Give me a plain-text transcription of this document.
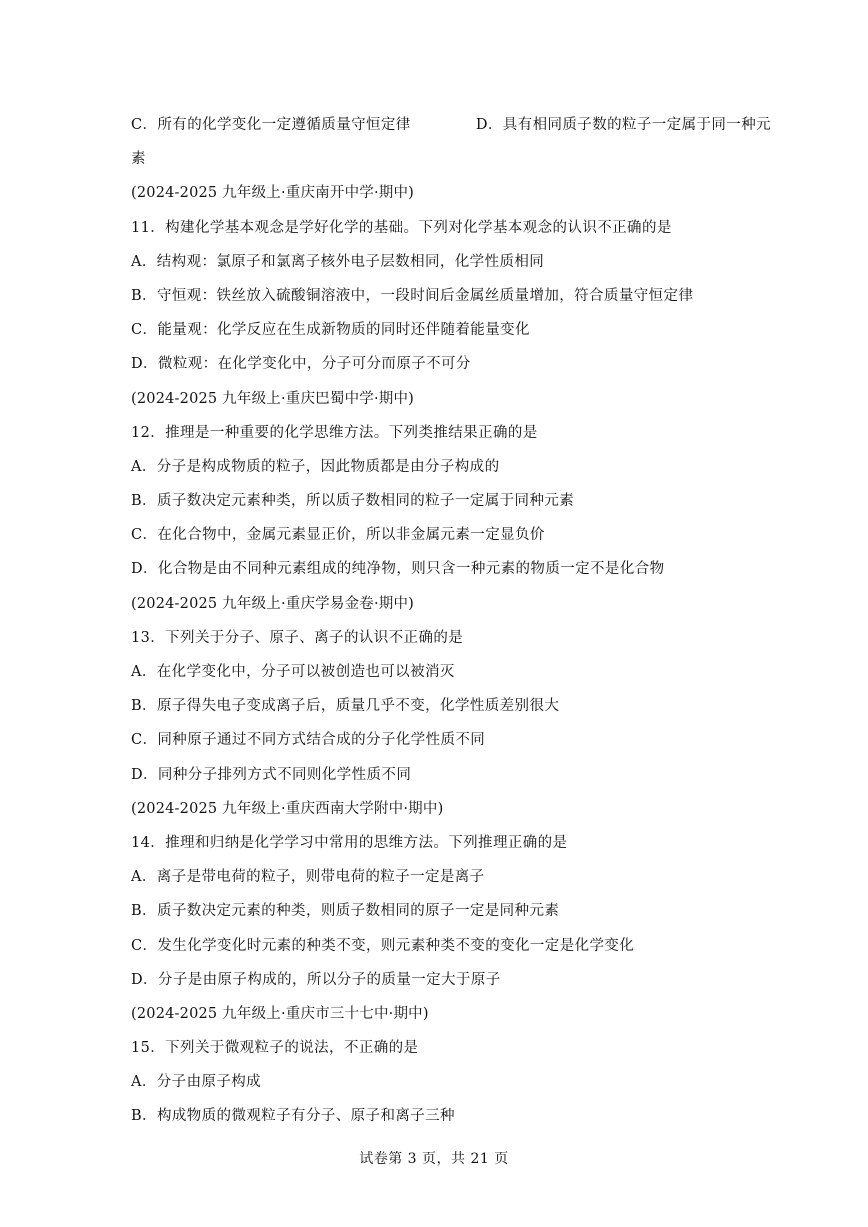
C．所有的化学变化一定遵循质量守恒定律	D．具有相同质子数的粒子一定属于同一种元
素
(2024-2025 九年级上·重庆南开中学·期中)
11．构建化学基本观念是学好化学的基础。下列对化学基本观念的认识不正确的是
A．结构观：氯原子和氯离子核外电子层数相同，化学性质相同
B．守恒观：铁丝放入硫酸铜溶液中，一段时间后金属丝质量增加，符合质量守恒定律
C．能量观：化学反应在生成新物质的同时还伴随着能量变化
D．微粒观：在化学变化中，分子可分而原子不可分
(2024-2025 九年级上·重庆巴蜀中学·期中)
12．推理是一种重要的化学思维方法。下列类推结果正确的是
A．分子是构成物质的粒子，因此物质都是由分子构成的
B．质子数决定元素种类，所以质子数相同的粒子一定属于同种元素
C．在化合物中，金属元素显正价，所以非金属元素一定显负价
D．化合物是由不同种元素组成的纯净物，则只含一种元素的物质一定不是化合物
(2024-2025 九年级上·重庆学易金卷·期中)
13．下列关于分子、原子、离子的认识不正确的是
A．在化学变化中，分子可以被创造也可以被消灭
B．原子得失电子变成离子后，质量几乎不变，化学性质差别很大
C．同种原子通过不同方式结合成的分子化学性质不同
D．同种分子排列方式不同则化学性质不同
(2024-2025 九年级上·重庆西南大学附中·期中)
14．推理和归纳是化学学习中常用的思维方法。下列推理正确的是
A．离子是带电荷的粒子，则带电荷的粒子一定是离子
B．质子数决定元素的种类，则质子数相同的原子一定是同种元素
C．发生化学变化时元素的种类不变，则元素种类不变的变化一定是化学变化
D．分子是由原子构成的，所以分子的质量一定大于原子
(2024-2025 九年级上·重庆市三十七中·期中)
15．下列关于微观粒子的说法，不正确的是
A．分子由原子构成
B．构成物质的微观粒子有分子、原子和离子三种
试卷第 3 页，共 21 页
